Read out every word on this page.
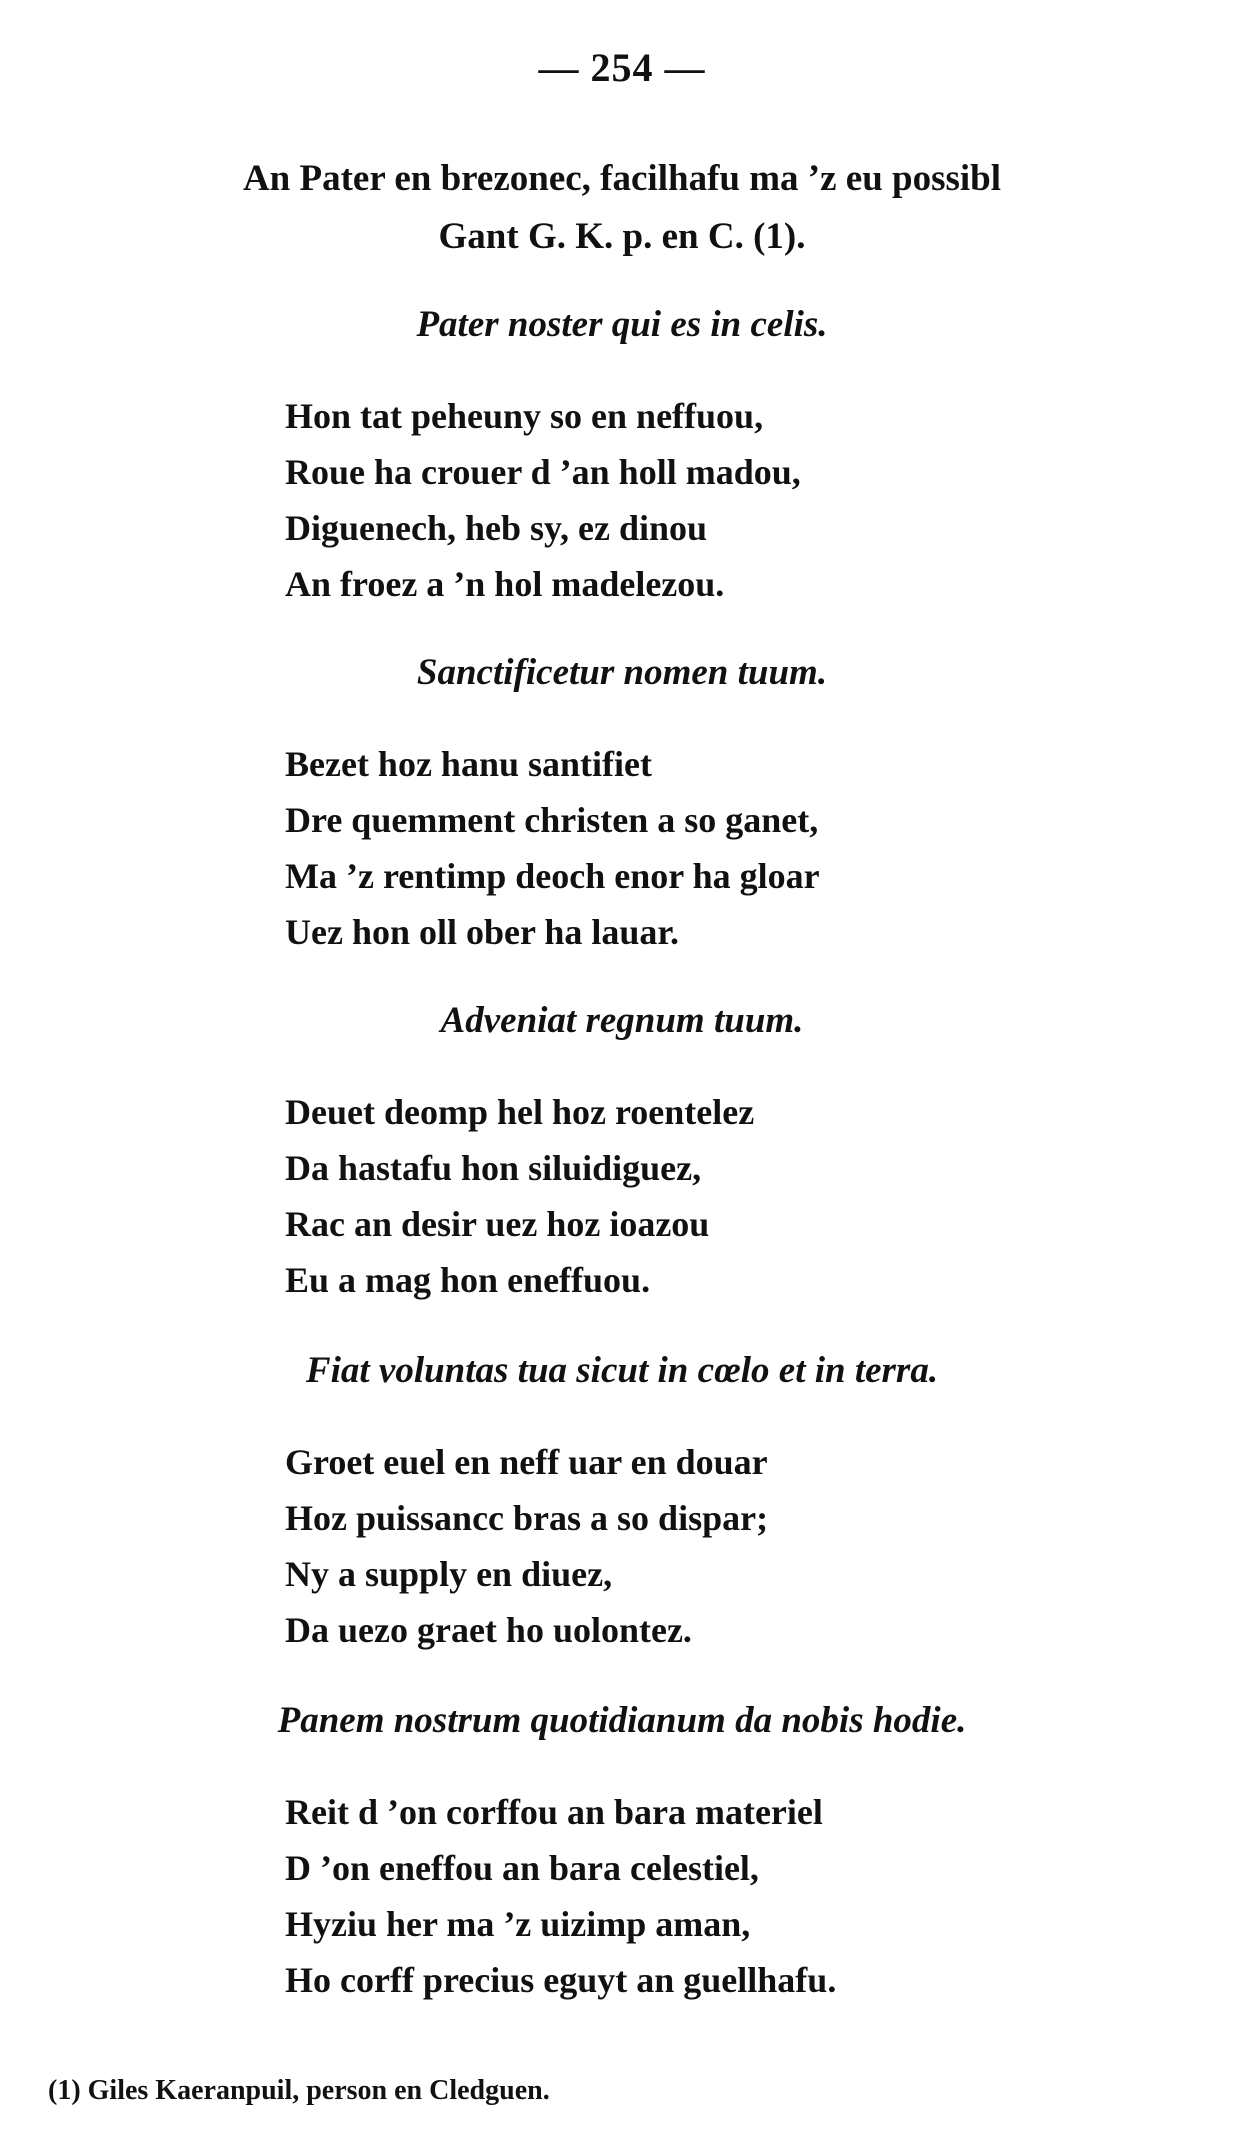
— 254 —
An Pater en brezonec, facilhafu ma ’z eu possibl
Gant G. K. p. en C. (1).

Pater noster qui es in celis.

Hon tat peheuny so en neffuou,
Roue ha crouer d ’an holl madou,
Diguenech, heb sy, ez dinou
An froez a ’n hol madelezou.

Sanctificetur nomen tuum.

Bezet hoz hanu santifiet
Dre quemment christen a so ganet,
Ma ’z rentimp deoch enor ha gloar
Uez hon oll ober ha lauar.

Adveniat regnum tuum.

Deuet deomp hel hoz roentelez
Da hastafu hon siluidiguez,
Rac an desir uez hoz ioazou
Eu a mag hon eneffuou.

Fiat voluntas tua sicut in cœlo et in terra.

Groet euel en neff uar en douar
Hoz puissancc bras a so dispar;
Ny a supply en diuez,
Da uezo graet ho uolontez.

Panem nostrum quotidianum da nobis hodie.

Reit d ’on corffou an bara materiel
D ’on eneffou an bara celestiel,
Hyziu her ma ’z uizimp aman,
Ho corff precius eguyt an guellhafu.
(1) Giles Kaeranpuil, person en Cledguen.
